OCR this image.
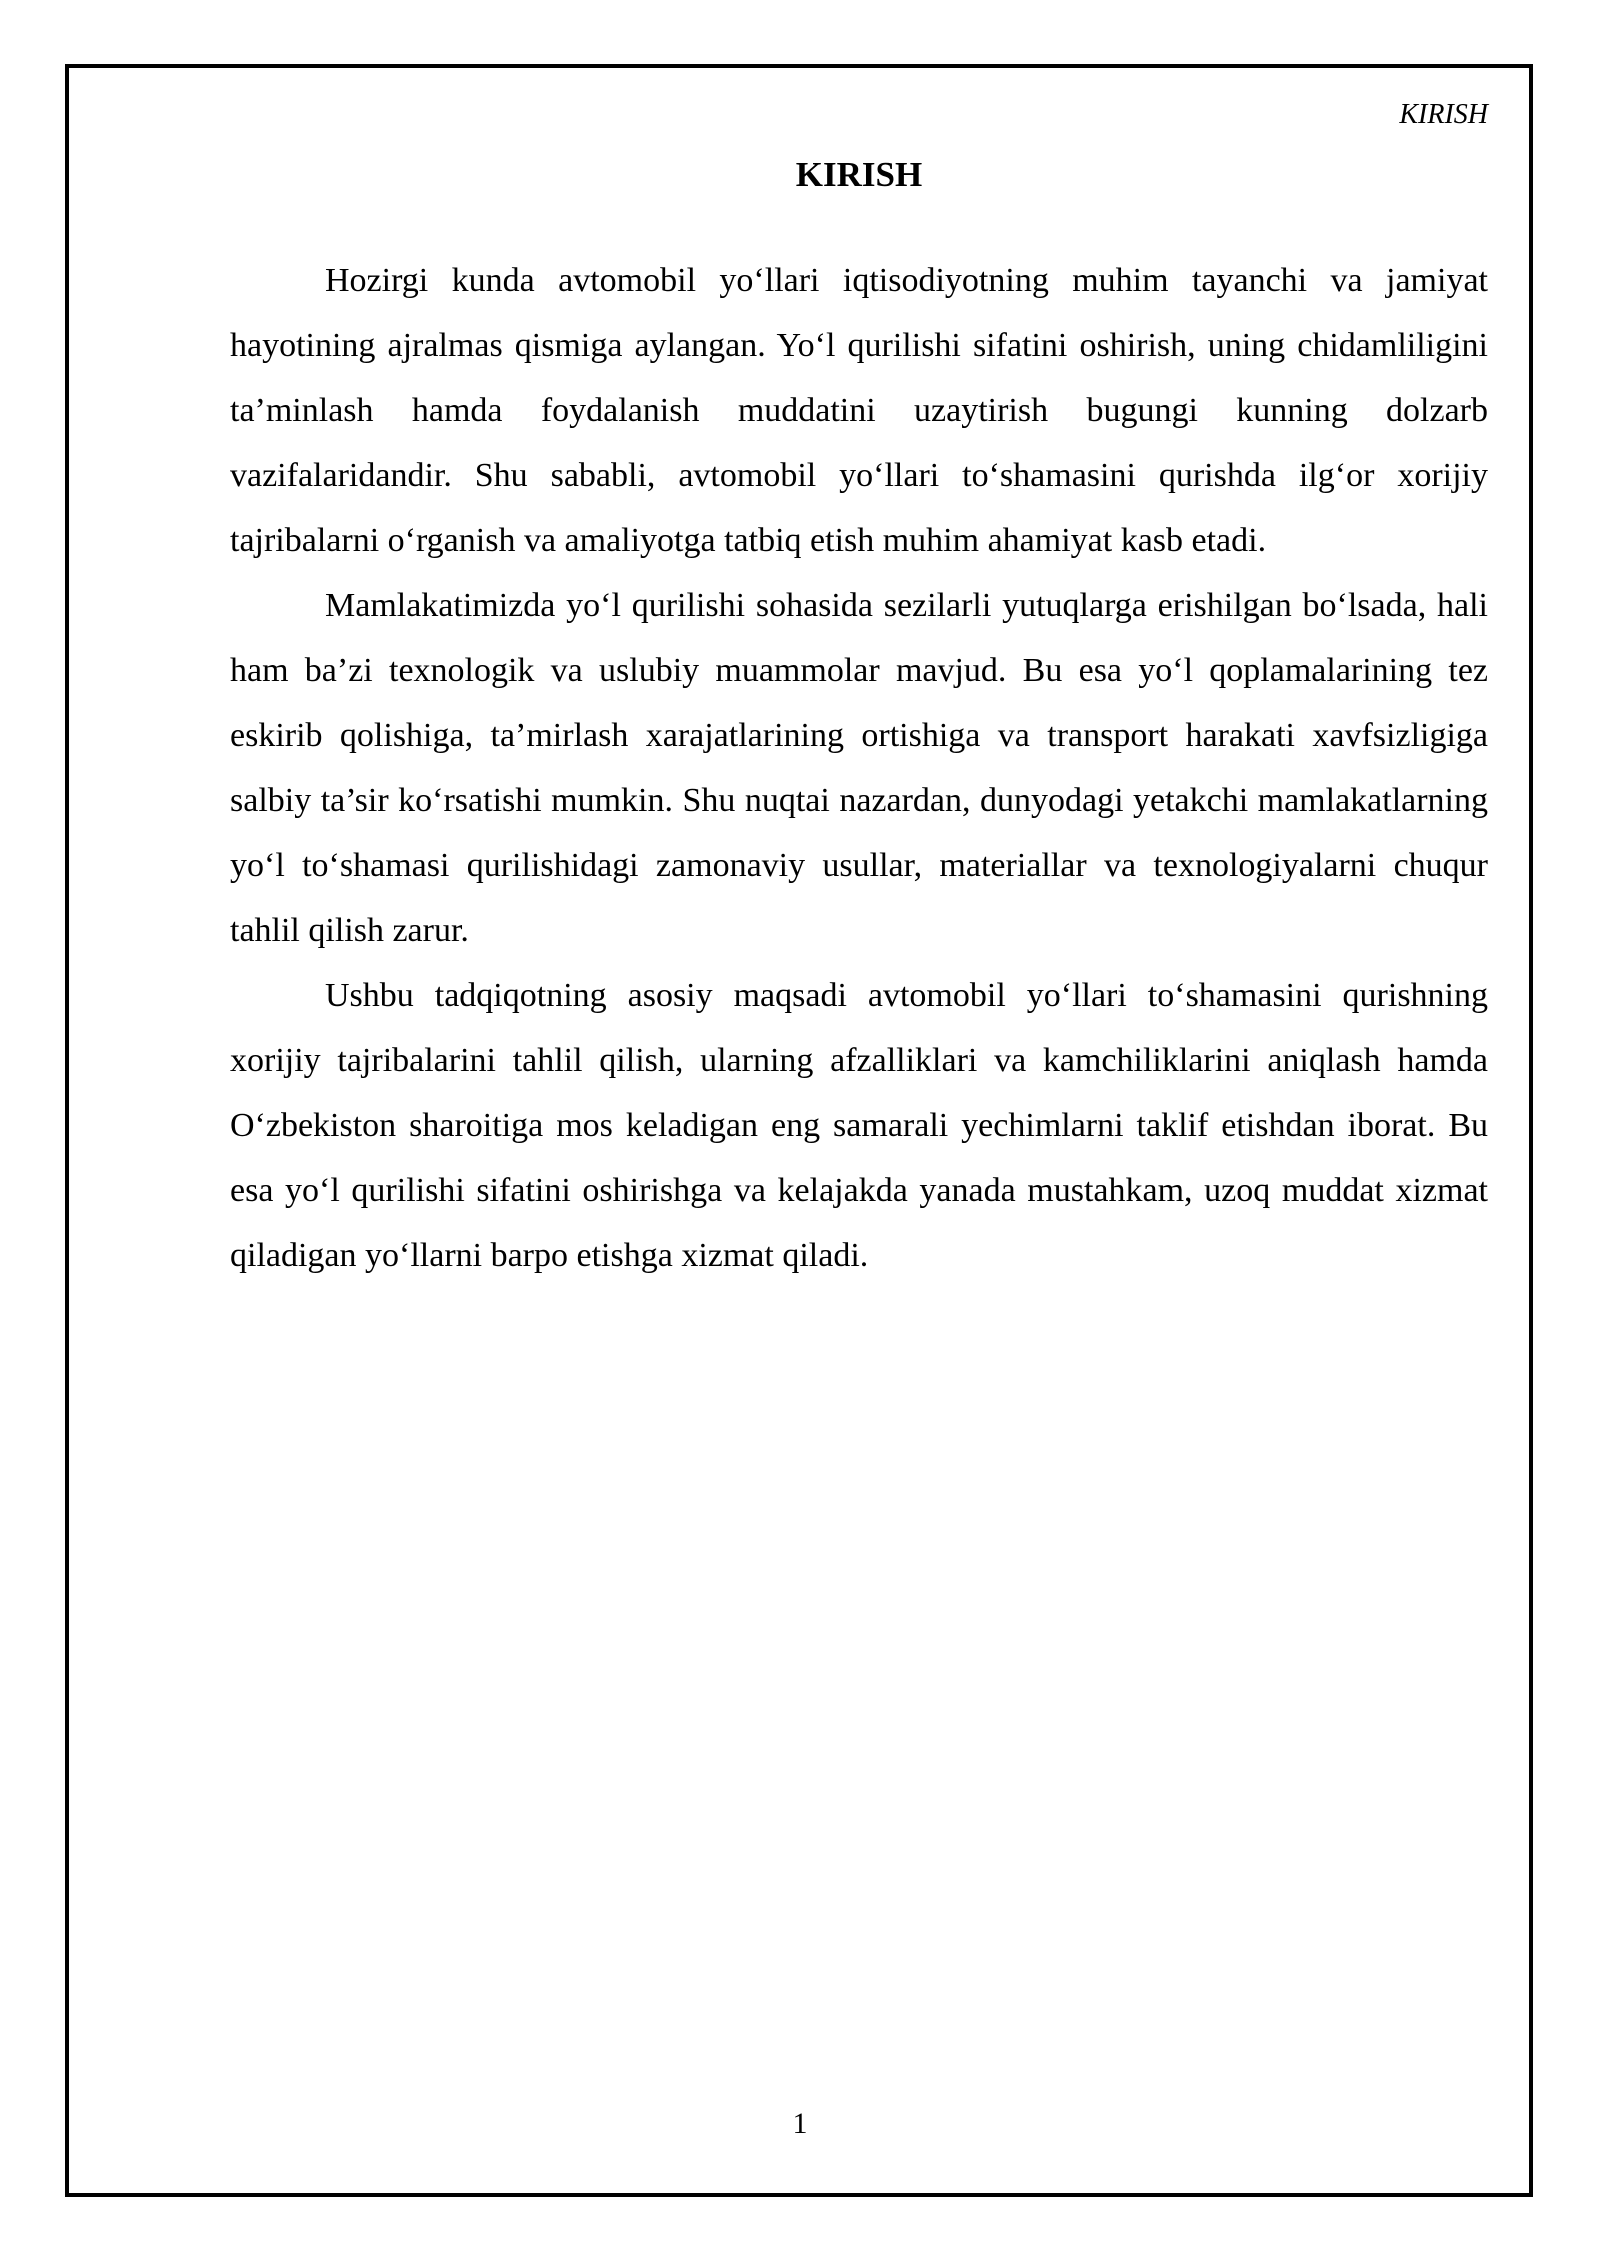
KIRISH
KIRISH

Hozirgi kunda avtomobil yo‘llari iqtisodiyotning muhim tayanchi va jamiyat hayotining ajralmas qismiga aylangan. Yo‘l qurilishi sifatini oshirish, uning chidamliligini ta’minlash hamda foydalanish muddatini uzaytirish bugungi kunning dolzarb vazifalaridandir. Shu sababli, avtomobil yo‘llari to‘shamasini qurishda ilg‘or xorijiy tajribalarni o‘rganish va amaliyotga tatbiq etish muhim ahamiyat kasb etadi.

Mamlakatimizda yo‘l qurilishi sohasida sezilarli yutuqlarga erishilgan bo‘lsada, hali ham ba’zi texnologik va uslubiy muammolar mavjud. Bu esa yo‘l qoplamalarining tez eskirib qolishiga, ta’mirlash xarajatlarining ortishiga va transport harakati xavfsizligiga salbiy ta’sir ko‘rsatishi mumkin. Shu nuqtai nazardan, dunyodagi yetakchi mamlakatlarning yo‘l to‘shamasi qurilishidagi zamonaviy usullar, materiallar va texnologiyalarni chuqur tahlil qilish zarur.

Ushbu tadqiqotning asosiy maqsadi avtomobil yo‘llari to‘shamasini qurishning xorijiy tajribalarini tahlil qilish, ularning afzalliklari va kamchiliklarini aniqlash hamda O‘zbekiston sharoitiga mos keladigan eng samarali yechimlarni taklif etishdan iborat. Bu esa yo‘l qurilishi sifatini oshirishga va kelajakda yanada mustahkam, uzoq muddat xizmat qiladigan yo‘llarni barpo etishga xizmat qiladi.

1
